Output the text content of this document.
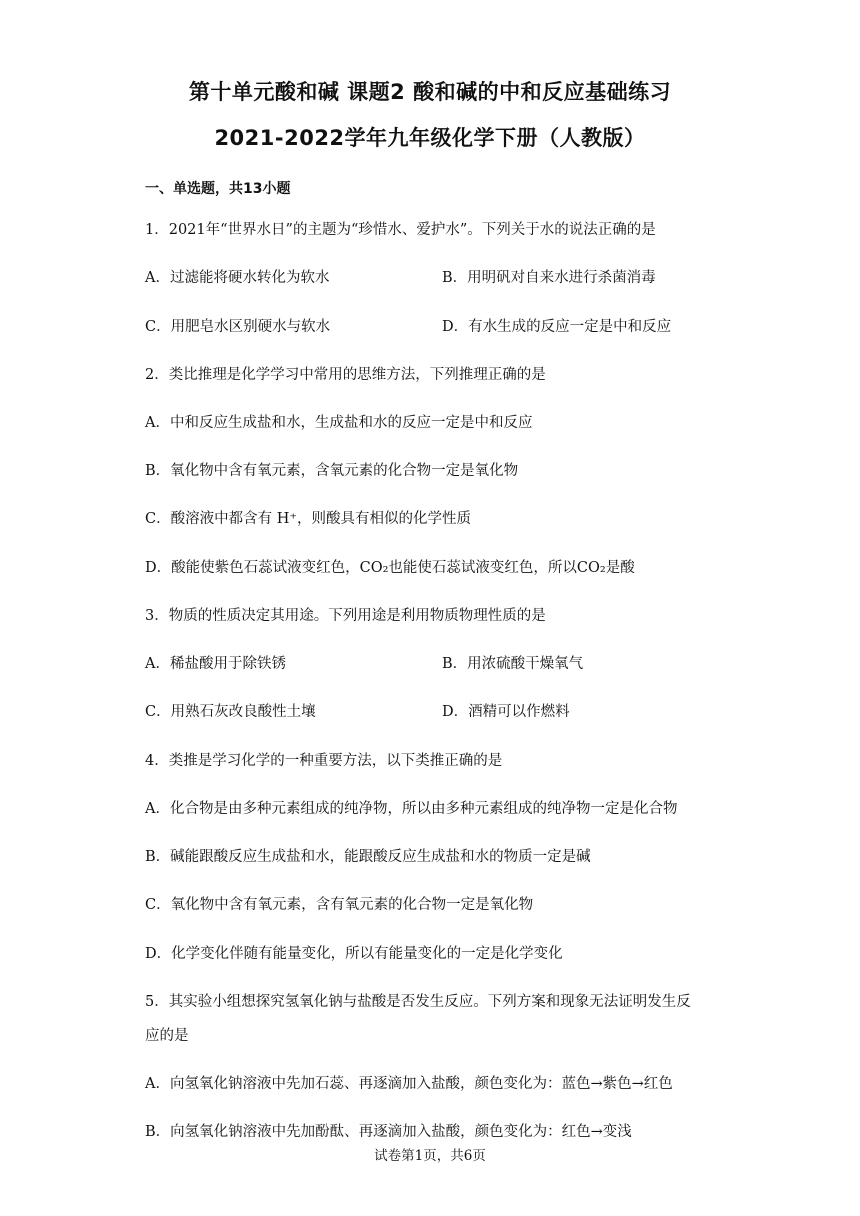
第十单元酸和碱 课题2 酸和碱的中和反应基础练习
2021-2022学年九年级化学下册（人教版）
一、单选题，共13小题
1．2021年“世界水日”的主题为“珍惜水、爱护水”。下列关于水的说法正确的是
A．过滤能将硬水转化为软水	B．用明矾对自来水进行杀菌消毒
C．用肥皂水区别硬水与软水	D．有水生成的反应一定是中和反应
2．类比推理是化学学习中常用的思维方法，下列推理正确的是
A．中和反应生成盐和水，生成盐和水的反应一定是中和反应
B．氧化物中含有氧元素，含氧元素的化合物一定是氧化物
C．酸溶液中都含有 H⁺，则酸具有相似的化学性质
D．酸能使紫色石蕊试液变红色，CO₂也能使石蕊试液变红色，所以CO₂是酸
3．物质的性质决定其用途。下列用途是利用物质物理性质的是
A．稀盐酸用于除铁锈	B．用浓硫酸干燥氧气
C．用熟石灰改良酸性土壤	D．酒精可以作燃料
4．类推是学习化学的一种重要方法，以下类推正确的是
A．化合物是由多种元素组成的纯净物，所以由多种元素组成的纯净物一定是化合物
B．碱能跟酸反应生成盐和水，能跟酸反应生成盐和水的物质一定是碱
C．氧化物中含有氧元素，含有氧元素的化合物一定是氧化物
D．化学变化伴随有能量变化，所以有能量变化的一定是化学变化
5．其实验小组想探究氢氧化钠与盐酸是否发生反应。下列方案和现象无法证明发生反
应的是
A．向氢氧化钠溶液中先加石蕊、再逐滴加入盐酸，颜色变化为：蓝色→紫色→红色
B．向氢氧化钠溶液中先加酚酞、再逐滴加入盐酸，颜色变化为：红色→变浅
试卷第1页，共6页
